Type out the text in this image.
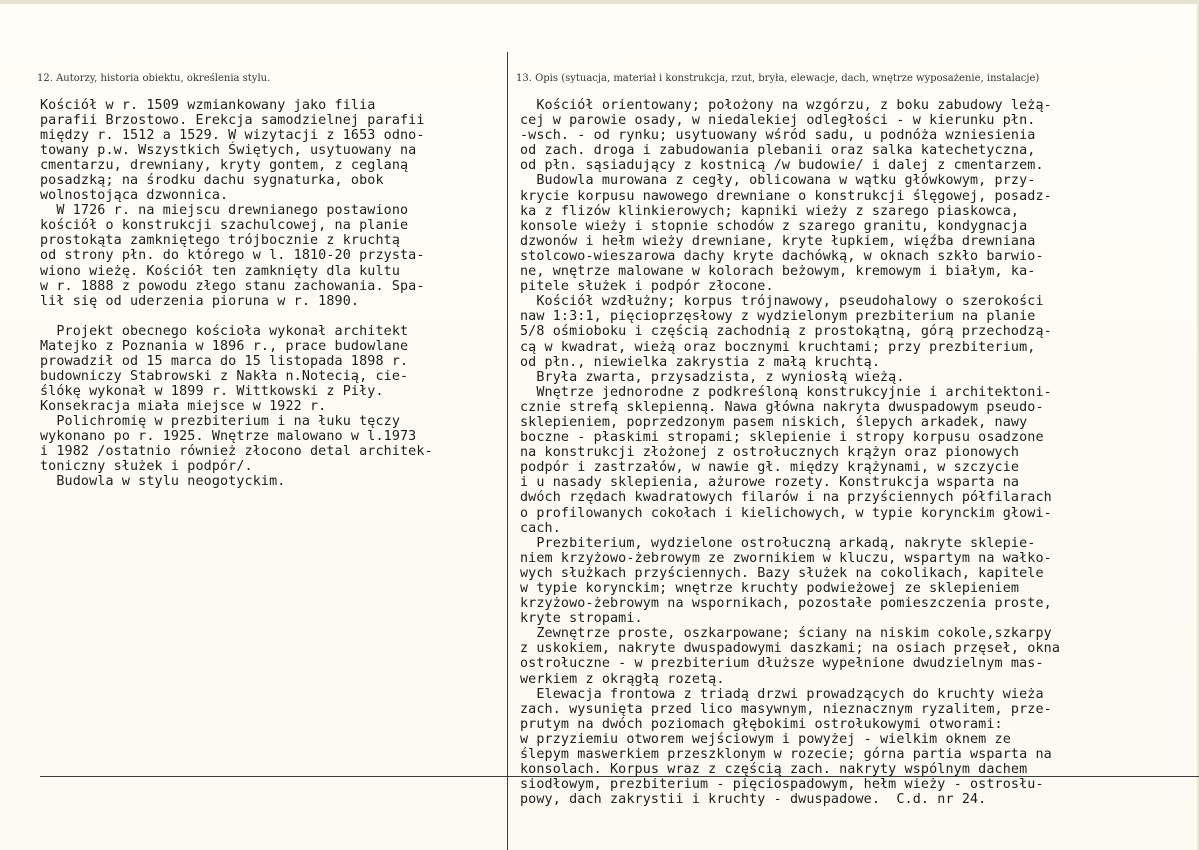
12. Autorzy, historia obiektu, określenia stylu.	13. Opis (sytuacja, materiał i konstrukcja, rzut, bryła, elewacje, dach, wnętrze wyposażenie, instalacje)
Kościół w r. 1509 wzmiankowany jako filia
parafii Brzostowo. Erekcja samodzielnej parafii
między r. 1512 a 1529. W wizytacji z 1653 odno-
towany p.w. Wszystkich Świętych, usytuowany na
cmentarzu, drewniany, kryty gontem, z ceglaną
posadzką; na środku dachu sygnaturka, obok
wolnostojąca dzwonnica.
W 1726 r. na miejscu drewnianego postawiono
kościół o konstrukcji szachulcowej, na planie
prostokąta zamkniętego trójbocznie z kruchtą
od strony płn. do którego w l. 1810-20 przysta-
wiono wieżę. Kościół ten zamknięty dla kultu
w r. 1888 z powodu złego stanu zachowania. Spa-
lił się od uderzenia pioruna w r. 1890.

Projekt obecnego kościoła wykonał architekt
Matejko z Poznania w 1896 r., prace budowlane
prowadził od 15 marca do 15 listopada 1898 r.
budowniczy Stabrowski z Nakła n.Notecią, cie-
ślókę wykonał w 1899 r. Wittkowski z Piły.
Konsekracja miała miejsce w 1922 r.
Polichromię w prezbiterium i na łuku tęczy
wykonano po r. 1925. Wnętrze malowano w l.1973
i 1982 /ostatnio również złocono detal architek-
toniczny służek i podpór/.
Budowla w stylu neogotyckim.
Kościół orientowany; położony na wzgórzu, z boku zabudowy leżą-
cej w parowie osady, w niedalekiej odległości - w kierunku płn.
-wsch. - od rynku; usytuowany wśród sadu, u podnóża wzniesienia
od zach. droga i zabudowania plebanii oraz salka katechetyczna,
od płn. sąsiadujący z kostnicą /w budowie/ i dalej z cmentarzem.
Budowla murowana z cegły, oblicowana w wątku główkowym, przy-
krycie korpusu nawowego drewniane o konstrukcji ślęgowej, posadz-
ka z flizów klinkierowych; kapniki wieży z szarego piaskowca,
konsole wieży i stopnie schodów z szarego granitu, kondygnacja
dzwonów i hełm wieży drewniane, kryte łupkiem, więźba drewniana
stolcowo-wieszarowa dachy kryte dachówką, w oknach szkło barwio-
ne, wnętrze malowane w kolorach beżowym, kremowym i białym, ka-
pitele służek i podpór złocone.
Kościół wzdłużny; korpus trójnawowy, pseudohalowy o szerokości
naw 1:3:1, pięcioprzęsłowy z wydzielonym prezbiterium na planie
5/8 ośmioboku i częścią zachodnią z prostokątną, górą przechodzą-
cą w kwadrat, wieżą oraz bocznymi kruchtami; przy prezbiterium,
od płn., niewielka zakrystia z małą kruchtą.
Bryła zwarta, przysadzista, z wyniosłą wieżą.
Wnętrze jednorodne z podkreśloną konstrukcyjnie i architektoni-
cznie strefą sklepienną. Nawa główna nakryta dwuspadowym pseudo-
sklepieniem, poprzedzonym pasem niskich, ślepych arkadek, nawy
boczne - płaskimi stropami; sklepienie i stropy korpusu osadzone
na konstrukcji złożonej z ostrołucznych krążyn oraz pionowych
podpór i zastrzałów, w nawie gł. między krążynami, w szczycie
i u nasady sklepienia, ażurowe rozety. Konstrukcja wsparta na
dwóch rzędach kwadratowych filarów i na przyściennych półfilarach
o profilowanych cokołach i kielichowych, w typie korynckim głowi-
cach.
Prezbiterium, wydzielone ostrołuczną arkadą, nakryte sklepie-
niem krzyżowo-żebrowym ze zwornikiem w kluczu, wspartym na wałko-
wych służkach przyściennych. Bazy służek na cokolikach, kapitele
w typie korynckim; wnętrze kruchty podwieżowej ze sklepieniem
krzyżowo-żebrowym na wspornikach, pozostałe pomieszczenia proste,
kryte stropami.
Zewnętrze proste, oszkarpowane; ściany na niskim cokole,szkarpy
z uskokiem, nakryte dwuspadowymi daszkami; na osiach przęseł, okna
ostrołuczne - w prezbiterium dłuższe wypełnione dwudzielnym mas-
werkiem z okrągłą rozetą.
Elewacja frontowa z triadą drzwi prowadzących do kruchty wieża
zach. wysunięta przed lico masywnym, nieznacznym ryzalitem, prze-
prutym na dwóch poziomach głębokimi ostrołukowymi otworami:
w przyziemiu otworem wejściowym i powyżej - wielkim oknem ze
ślepym maswerkiem przeszklonym w rozecie; górna partia wsparta na
konsolach. Korpus wraz z częścią zach. nakryty wspólnym dachem
siodłowym, prezbiterium - pięciospadowym, hełm wieży - ostrosłu-
powy, dach zakrystii i kruchty - dwuspadowe.  C.d. nr 24.
